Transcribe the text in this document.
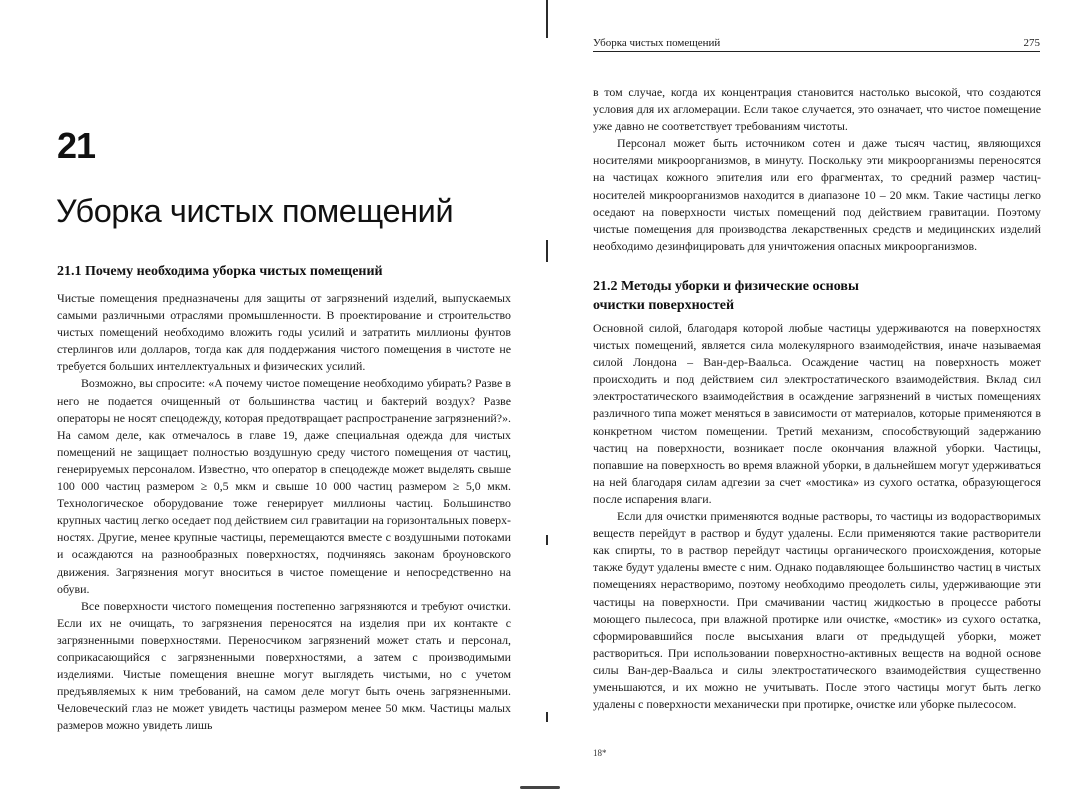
21
Уборка чистых помещений
21.1 Почему необходима уборка чистых помещений

Чистые помещения предназначены для защиты от загрязнений изделий, выпускаемых самыми различными отраслями промышленности. В проектирование и строительство чистых помещений необходимо вложить годы усилий и затратить миллионы фунтов стерлингов или долларов, тогда как для поддержания чистого помещения в чистоте не требуется больших интеллектуальных и физических усилий.

Возможно, вы спросите: «А почему чистое помещение необходимо убирать? Разве в него не подается очищенный от большинства частиц и бактерий воздух? Разве операторы не носят спецодежду, которая предотвращает распространение загрязнений?». На самом деле, как отмечалось в главе 19, даже специальная одежда для чистых помещений не защищает полностью воздушную среду чистого помещения от частиц, генерируемых персоналом. Известно, что оператор в спецодежде может выделять свыше 100 000 частиц размером ≥ 0,5 мкм и свыше 10 000 частиц размером ≥ 5,0 мкм. Технологическое оборудование тоже генерирует миллионы частиц. Большинство крупных частиц легко оседает под действием сил гравитации на горизонтальных поверхностях. Другие, менее крупные частицы, перемещаются вместе с воздушными потоками и осаждаются на разнообразных поверхностях, подчиняясь законам броуновского движения. Загрязнения могут вноситься в чистое помещение и непосредственно на обуви.

Все поверхности чистого помещения постепенно загрязняются и требуют очистки. Если их не очищать, то загрязнения переносятся на изделия при их контакте с загрязненными поверхностями. Переносчиком загрязнений может стать и персонал, соприкасающийся с загрязненными поверхностями, а затем с производимыми изделиями. Чистые помещения внешне могут выглядеть чистыми, но с учетом предъявляемых к ним требований, на самом деле могут быть очень загрязненными. Человеческий глаз не может увидеть частицы размером менее 50 мкм. Частицы малых размеров можно увидеть лишь

Уборка чистых помещений	275

в том случае, когда их концентрация становится настолько высокой, что создаются условия для их агломерации. Если такое случается, это означает, что чистое помещение уже давно не соответствует требованиям чистоты.

Персонал может быть источником сотен и даже тысяч частиц, являющихся носителями микроорганизмов, в минуту. Поскольку эти микроорганизмы переносятся на частицах кожного эпителия или его фрагментах, то средний размер частиц-носителей микроорганизмов находится в диапазоне 10 – 20 мкм. Такие частицы легко оседают на поверхности чистых помещений под действием гравитации. Поэтому чистые помещения для производства лекарственных средств и медицинских изделий необходимо дезинфицировать для уничтожения опасных микроорганизмов.

21.2 Методы уборки и физические основы
очистки поверхностей

Основной силой, благодаря которой любые частицы удерживаются на поверхностях чистых помещений, является сила молекулярного взаимодействия, иначе называемая силой Лондона – Ван-дер-Ваальса. Осаждение частиц на поверхность может происходить и под действием сил электростатического взаимодействия. Вклад сил электростатического взаимодействия в осаждение загрязнений в чистых помещениях различного типа может меняться в зависимости от материалов, которые применяются в конкретном чистом помещении. Третий механизм, способствующий задержанию частиц на поверхности, возникает после окончания влажной уборки. Частицы, попавшие на поверхность во время влажной уборки, в дальнейшем могут удерживаться на ней благодаря силам адгезии за счет «мостика» из сухого остатка, образующегося после испарения влаги.

Если для очистки применяются водные растворы, то частицы из водорастворимых веществ перейдут в раствор и будут удалены. Если применяются такие растворители как спирты, то в раствор перейдут частицы органического происхождения, которые также будут удалены вместе с ним. Однако подавляющее большинство частиц в чистых помещениях нерастворимо, поэтому необходимо преодолеть силы, удерживающие эти частицы на поверхности. При смачивании частиц жидкостью в процессе работы моющего пылесоса, при влажной протирке или очистке, «мостик» из сухого остатка, сформировавшийся после высыхания влаги от предыдущей уборки, может раствориться. При использовании поверхностно-активных веществ на водной основе силы Ван-дер-Ваальса и силы электростатического взаимодействия существенно уменьшаются, и их можно не учитывать. После этого частицы могут быть легко удалены с поверхности механически при протирке, очистке или уборке пылесосом.

18*
